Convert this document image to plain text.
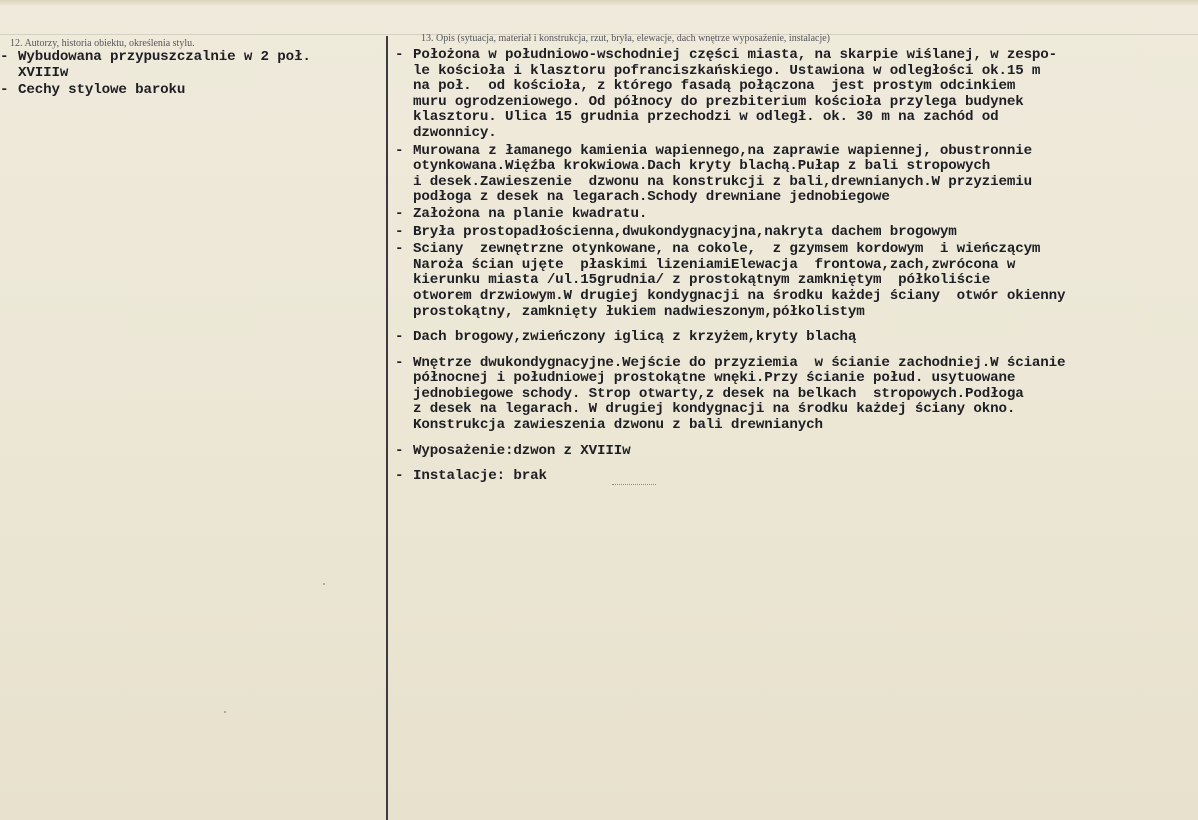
12. Autorzy, historia obiektu, określenia stylu.	13. Opis (sytuacja, materiał i konstrukcja, rzut, bryła, elewacje, dach wnętrze wyposażenie, instalacje)
- Wybudowana przypuszczalnie w 2 poł.
XVIIIw
- Cechy stylowe baroku
- Położona w południowo-wschodniej części miasta, na skarpie wiślanej, w zespo-
le kościoła i klasztoru pofranciszkańskiego. Ustawiona w odległości ok.15 m
na poł.  od kościoła, z którego fasadą połączona  jest prostym odcinkiem
muru ogrodzeniowego. Od północy do prezbiterium kościoła przylega budynek
klasztoru. Ulica 15 grudnia przechodzi w odległ. ok. 30 m na zachód od
dzwonnicy.
- Murowana z łamanego kamienia wapiennego,na zaprawie wapiennej, obustronnie
otynkowana.Więźba krokwiowa.Dach kryty blachą.Pułap z bali stropowych
i desek.Zawieszenie  dzwonu na konstrukcji z bali,drewnianych.W przyziemiu
podłoga z desek na legarach.Schody drewniane jednobiegowe
- Założona na planie kwadratu.
- Bryła prostopadłościenna,dwukondygnacyjna,nakryta dachem brogowym
- Sciany  zewnętrzne otynkowane, na cokole,  z gzymsem kordowym  i wieńczącym
Naroża ścian ujęte  płaskimi lizeniamiElewacja  frontowa,zach,zwrócona w
kierunku miasta /ul.15grudnia/ z prostokątnym zamkniętym  półkoliście
otworem drzwiowym.W drugiej kondygnacji na środku każdej ściany  otwór okienny
prostokątny, zamknięty łukiem nadwieszonym,półkolistym
- Dach brogowy,zwieńczony iglicą z krzyżem,kryty blachą
- Wnętrze dwukondygnacyjne.Wejście do przyziemia  w ścianie zachodniej.W ścianie
północnej i południowej prostokątne wnęki.Przy ścianie połud. usytuowane
jednobiegowe schody. Strop otwarty,z desek na belkach  stropowych.Podłoga
z desek na legarach. W drugiej kondygnacji na środku każdej ściany okno.
Konstrukcja zawieszenia dzwonu z bali drewnianych
- Wyposażenie:dzwon z XVIIIw
- Instalacje: brak
